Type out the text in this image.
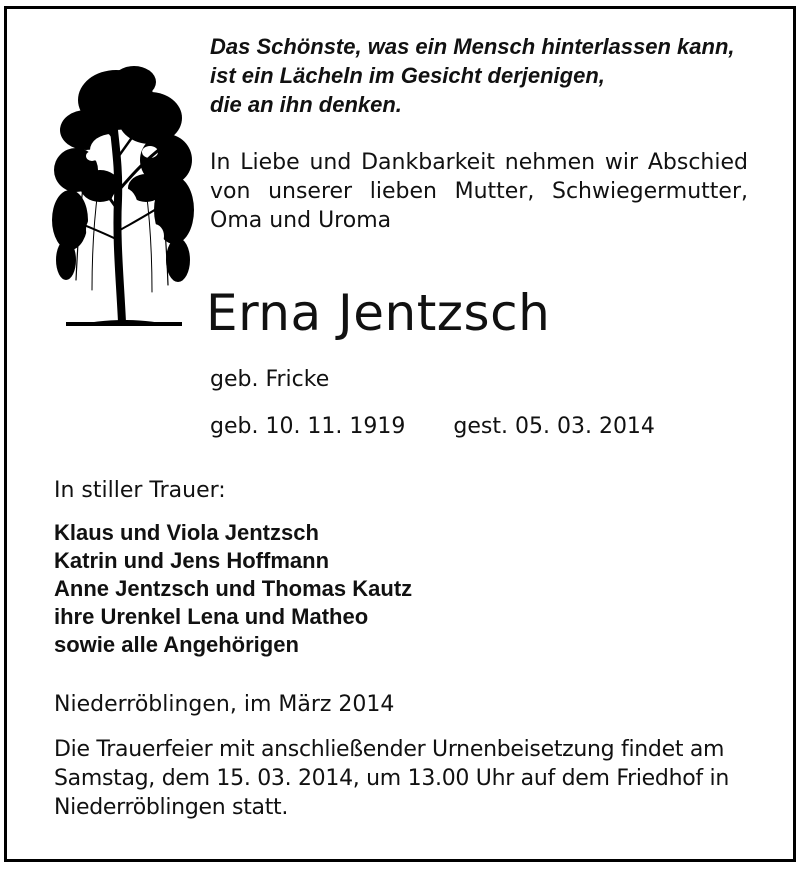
Das Schönste, was ein Mensch hinterlassen kann,
ist ein Lächeln im Gesicht derjenigen,
die an ihn denken.
In Liebe und Dankbarkeit nehmen wir Abschied von unserer lieben Mutter, Schwiegermutter, Oma und Uroma
Erna Jentzsch
geb. Fricke
geb. 10. 11. 1919 gest. 05. 03. 2014
In stiller Trauer:
Klaus und Viola Jentzsch
Katrin und Jens Hoffmann
Anne Jentzsch und Thomas Kautz
ihre Urenkel Lena und Matheo
sowie alle Angehörigen
Niederröblingen, im März 2014
Die Trauerfeier mit anschließender Urnenbeisetzung findet am Samstag, dem 15. 03. 2014, um 13.00 Uhr auf dem Friedhof in Niederröblingen statt.
